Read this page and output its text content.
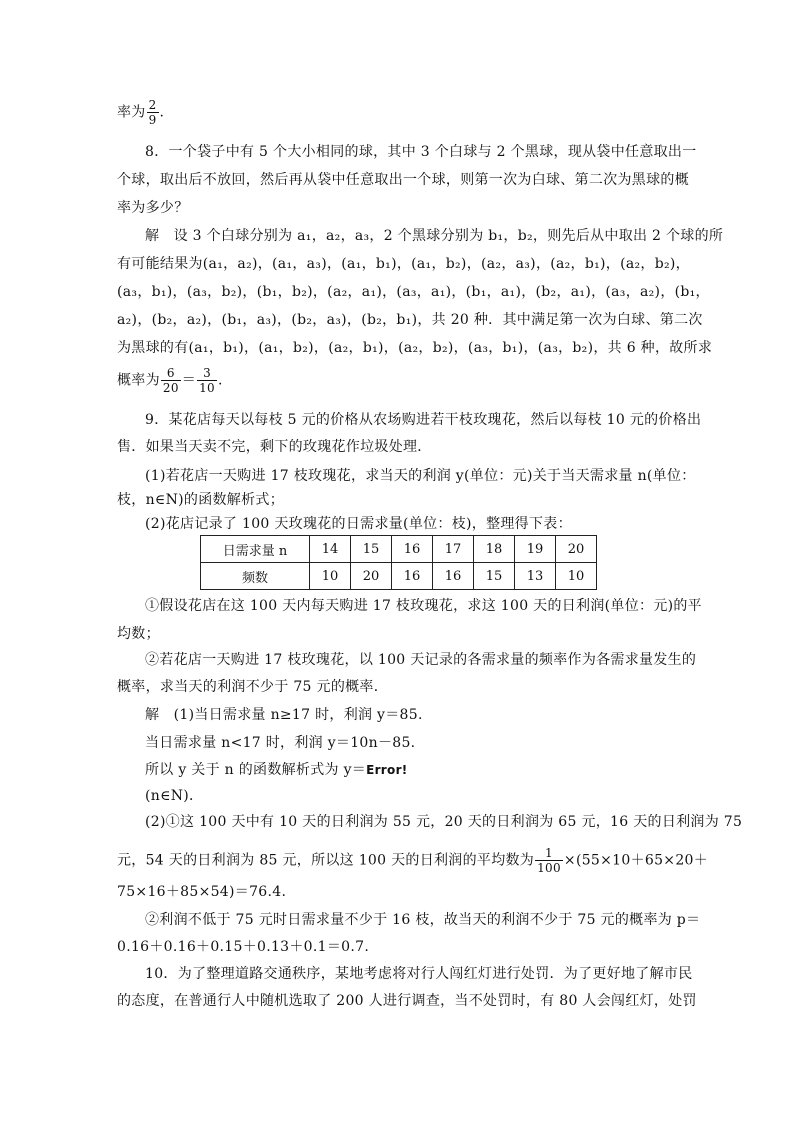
率为 $\frac{2}{9}$ .
8．一个袋子中有 5 个大小相同的球，其中 3 个白球与 2 个黑球，现从袋中任意取出一
个球，取出后不放回，然后再从袋中任意取出一个球，则第一次为白球、第二次为黑球的概
率为多少？
解　设 3 个白球分别为 a₁，a₂，a₃，2 个黑球分别为 b₁，b₂，则先后从中取出 2 个球的所
有可能结果为(a₁，a₂)，(a₁，a₃)，(a₁，b₁)，(a₁，b₂)，(a₂，a₃)，(a₂，b₁)，(a₂，b₂)，
(a₃，b₁)，(a₃，b₂)，(b₁，b₂)，(a₂，a₁)，(a₃，a₁)，(b₁，a₁)，(b₂，a₁)，(a₃，a₂)，(b₁，
a₂)，(b₂，a₂)，(b₁，a₃)，(b₂，a₃)，(b₂，b₁)，共 20 种．其中满足第一次为白球、第二次
为黑球的有(a₁，b₁)，(a₁，b₂)，(a₂，b₁)，(a₂，b₂)，(a₃，b₁)，(a₃，b₂)，共 6 种，故所求
概率为 $\frac{6}{20} = \frac{3}{10}$ .
9．某花店每天以每枝 5 元的价格从农场购进若干枝玫瑰花，然后以每枝 10 元的价格出
售．如果当天卖不完，剩下的玫瑰花作垃圾处理．
(1)若花店一天购进 17 枝玫瑰花，求当天的利润 y(单位：元)关于当天需求量 n(单位：
枝，n∈N)的函数解析式；
(2)花店记录了 100 天玫瑰花的日需求量(单位：枝)，整理得下表：
日需求量 n	14	15	16	17	18	19	20
频数	10	20	16	16	15	13	10
①假设花店在这 100 天内每天购进 17 枝玫瑰花，求这 100 天的日利润(单位：元)的平
均数；
②若花店一天购进 17 枝玫瑰花，以 100 天记录的各需求量的频率作为各需求量发生的
概率，求当天的利润不少于 75 元的概率．
解　(1)当日需求量 n≥17 时，利润 y＝85.
当日需求量 n<17 时，利润 y＝10n－85.
所以 y 关于 n 的函数解析式为 y＝Error!
(n∈N)．
(2)①这 100 天中有 10 天的日利润为 55 元，20 天的日利润为 65 元，16 天的日利润为 75
元，54 天的日利润为 85 元，所以这 100 天的日利润的平均数为 $\frac{1}{100} \times(55\times 10+65\times 20+$
75×16＋85×54)＝76.4.
②利润不低于 75 元时日需求量不少于 16 枝，故当天的利润不少于 75 元的概率为 p＝
0.16＋0.16＋0.15＋0.13＋0.1＝0.7.
10．为了整理道路交通秩序，某地考虑将对行人闯红灯进行处罚．为了更好地了解市民
的态度，在普通行人中随机选取了 200 人进行调查，当不处罚时，有 80 人会闯红灯，处罚
